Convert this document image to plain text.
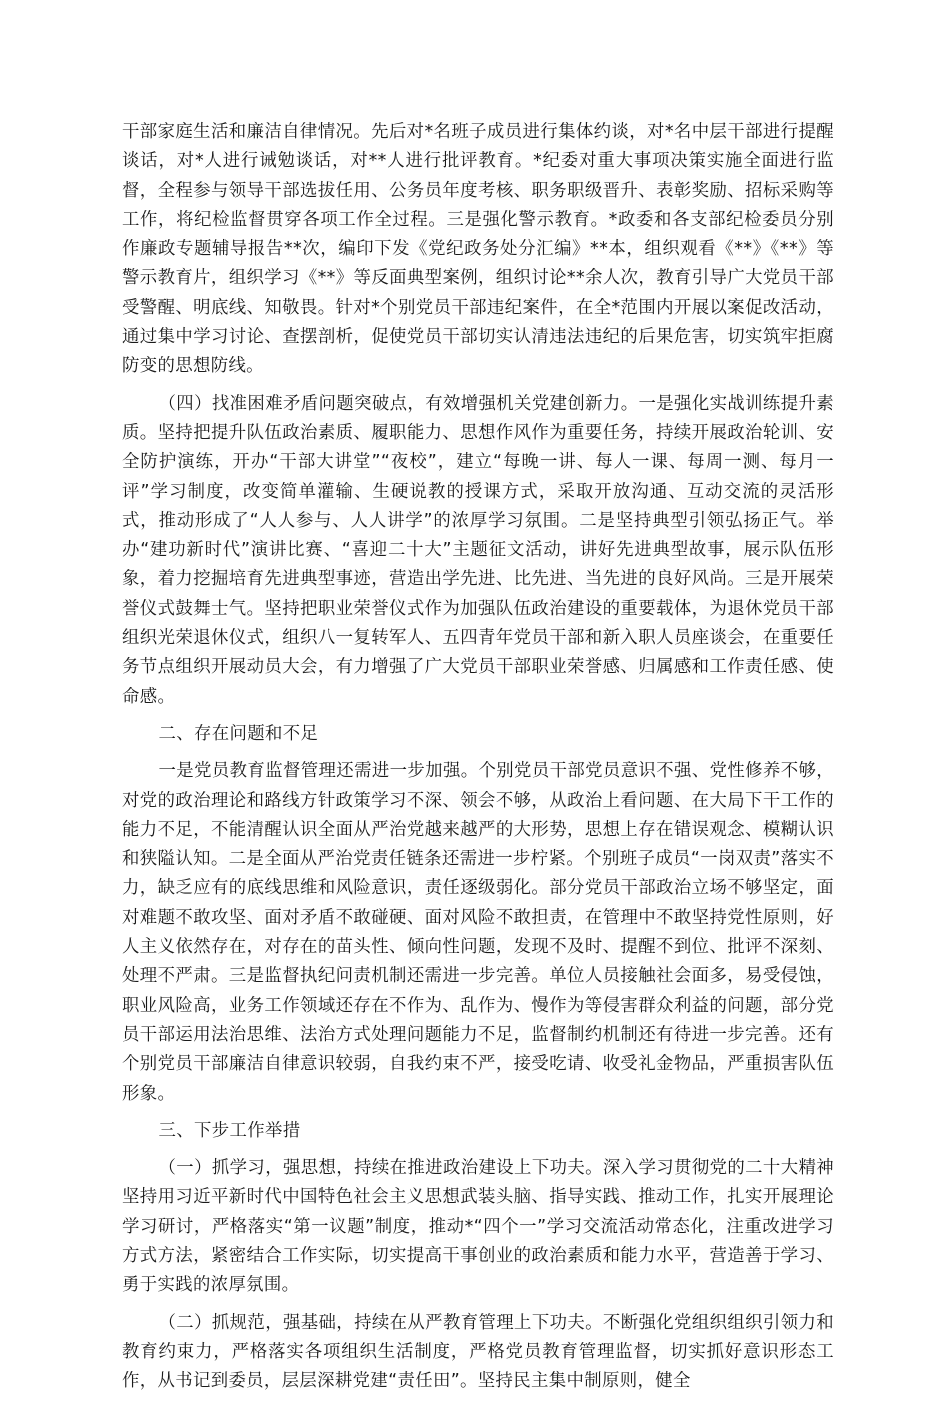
干部家庭生活和廉洁自律情况。先后对*名班子成员进行集体约谈，对*名中层干部进行提醒谈话，对*人进行诫勉谈话，对**人进行批评教育。*纪委对重大事项决策实施全面进行监督，全程参与领导干部选拔任用、公务员年度考核、职务职级晋升、表彰奖励、招标采购等工作，将纪检监督贯穿各项工作全过程。三是强化警示教育。*政委和各支部纪检委员分别作廉政专题辅导报告**次，编印下发《党纪政务处分汇编》**本，组织观看《**》《**》等警示教育片，组织学习《**》等反面典型案例，组织讨论**余人次，教育引导广大党员干部受警醒、明底线、知敬畏。针对*个别党员干部违纪案件，在全*范围内开展以案促改活动，通过集中学习讨论、查摆剖析，促使党员干部切实认清违法违纪的后果危害，切实筑牢拒腐防变的思想防线。

（四）找准困难矛盾问题突破点，有效增强机关党建创新力。一是强化实战训练提升素质。坚持把提升队伍政治素质、履职能力、思想作风作为重要任务，持续开展政治轮训、安全防护演练，开办“干部大讲堂”“夜校”，建立“每晚一讲、每人一课、每周一测、每月一评”学习制度，改变简单灌输、生硬说教的授课方式，采取开放沟通、互动交流的灵活形式，推动形成了“人人参与、人人讲学”的浓厚学习氛围。二是坚持典型引领弘扬正气。举办“建功新时代”演讲比赛、“喜迎二十大”主题征文活动，讲好先进典型故事，展示队伍形象，着力挖掘培育先进典型事迹，营造出学先进、比先进、当先进的良好风尚。三是开展荣誉仪式鼓舞士气。坚持把职业荣誉仪式作为加强队伍政治建设的重要载体，为退休党员干部组织光荣退休仪式，组织八一复转军人、五四青年党员干部和新入职人员座谈会，在重要任务节点组织开展动员大会，有力增强了广大党员干部职业荣誉感、归属感和工作责任感、使命感。

二、存在问题和不足

一是党员教育监督管理还需进一步加强。个别党员干部党员意识不强、党性修养不够，对党的政治理论和路线方针政策学习不深、领会不够，从政治上看问题、在大局下干工作的能力不足，不能清醒认识全面从严治党越来越严的大形势，思想上存在错误观念、模糊认识和狭隘认知。二是全面从严治党责任链条还需进一步柠紧。个别班子成员“一岗双责”落实不力，缺乏应有的底线思维和风险意识，责任逐级弱化。部分党员干部政治立场不够坚定，面对难题不敢攻坚、面对矛盾不敢碰硬、面对风险不敢担责，在管理中不敢坚持党性原则，好人主义依然存在，对存在的苗头性、倾向性问题，发现不及时、提醒不到位、批评不深刻、处理不严肃。三是监督执纪问责机制还需进一步完善。单位人员接触社会面多，易受侵蚀，职业风险高，业务工作领域还存在不作为、乱作为、慢作为等侵害群众利益的问题，部分党员干部运用法治思维、法治方式处理问题能力不足，监督制约机制还有待进一步完善。还有个别党员干部廉洁自律意识较弱，自我约束不严，接受吃请、收受礼金物品，严重损害队伍形象。

三、下步工作举措

（一）抓学习，强思想，持续在推进政治建设上下功夫。深入学习贯彻党的二十大精神坚持用习近平新时代中国特色社会主义思想武装头脑、指导实践、推动工作，扎实开展理论学习研讨，严格落实“第一议题”制度，推动*“四个一”学习交流活动常态化，注重改进学习方式方法，紧密结合工作实际，切实提高干事创业的政治素质和能力水平，营造善于学习、勇于实践的浓厚氛围。

（二）抓规范，强基础，持续在从严教育管理上下功夫。不断强化党组织组织引领力和教育约束力，严格落实各项组织生活制度，严格党员教育管理监督，切实抓好意识形态工作，从书记到委员，层层深耕党建“责任田”。坚持民主集中制原则，健全
